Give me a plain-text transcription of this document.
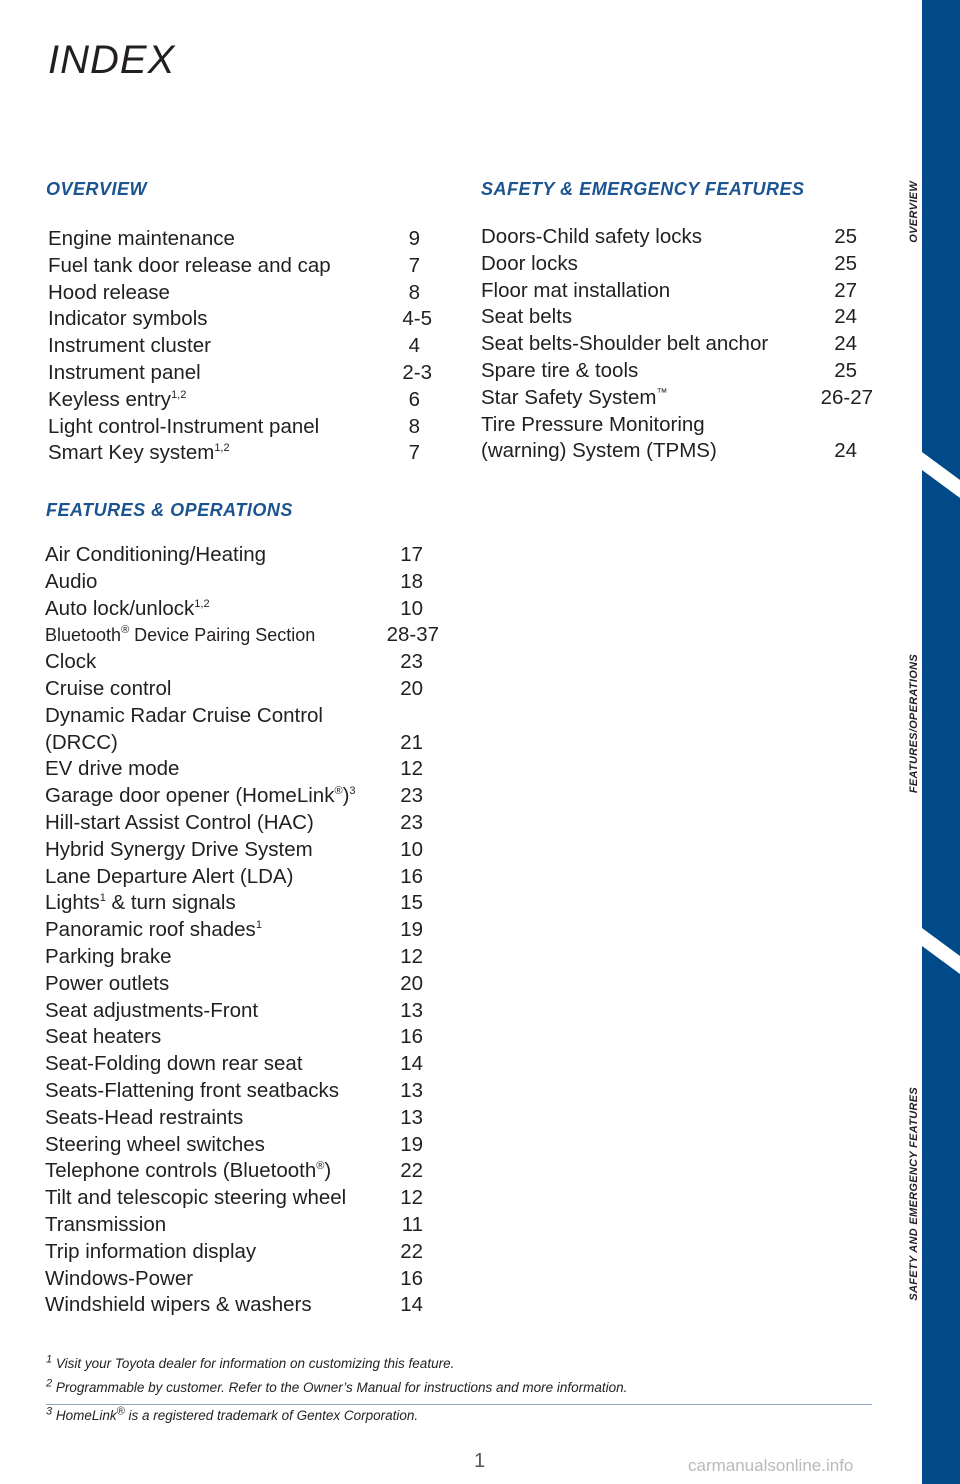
INDEX
OVERVIEW
Engine maintenance	9
Fuel tank door release and cap	7
Hood release	8
Indicator symbols	4-5
Instrument cluster	4
Instrument panel	2-3
Keyless entry$^{1,2}$	6
Light control-Instrument panel	8
Smart Key system$^{1,2}$	7
SAFETY & EMERGENCY FEATURES
Doors-Child safety locks	25
Door locks	25
Floor mat installation	27
Seat belts	24
Seat belts-Shoulder belt anchor	24
Spare tire & tools	25
Star Safety System™	26-27
Tire Pressure Monitoring
(warning) System (TPMS)	24
FEATURES & OPERATIONS
Air Conditioning/Heating	17
Audio	18
Auto lock/unlock$^{1,2}$	10
Bluetooth® Device Pairing Section	28-37
Clock	23
Cruise control	20
Dynamic Radar Cruise Control
(DRCC)	21
EV drive mode	12
Garage door opener (HomeLink®)$^3$ 23
Hill-start Assist Control (HAC)	23
Hybrid Synergy Drive System	10
Lane Departure Alert (LDA)	16
Lights$^1$ & turn signals	15
Panoramic roof shades$^1$	19
Parking brake	12
Power outlets	20
Seat adjustments-Front	13
Seat heaters	16
Seat-Folding down rear seat	14
Seats-Flattening front seatbacks	13
Seats-Head restraints	13
Steering wheel switches	19
Telephone controls (Bluetooth®)	22
Tilt and telescopic steering wheel	12
Transmission	11
Trip information display	22
Windows-Power	16
Windshield wipers & washers	14
$^1$ Visit your Toyota dealer for information on customizing this feature.
$^2$ Programmable by customer. Refer to the Owner’s Manual for instructions and more information.
$^3$ HomeLink® is a registered trademark of Gentex Corporation.
1	carmanualsonline.info
OVERVIEW
FEATURES/OPERATIONS
SAFETY AND EMERGENCY FEATURES
